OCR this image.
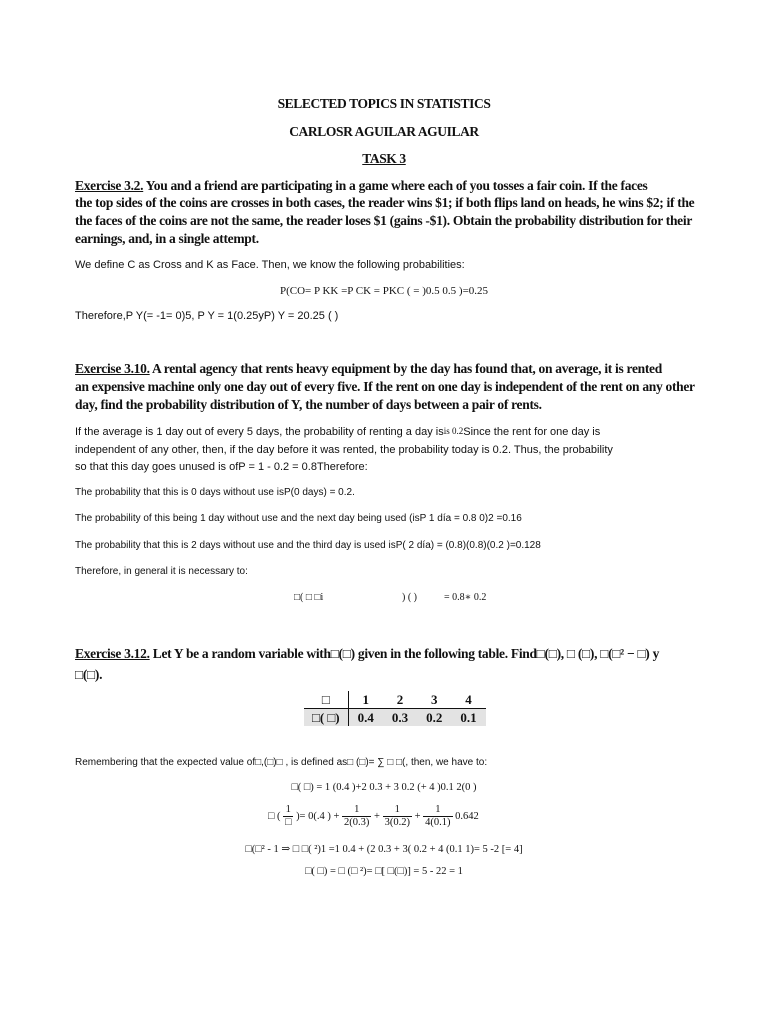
SELECTED TOPICS IN STATISTICS
CARLOSR AGUILAR AGUILAR
TASK 3
Exercise 3.2. You and a friend are participating in a game where each of you tosses a fair coin. If the faces
the top sides of the coins are crosses in both cases, the reader wins $1; if both flips land on heads, he wins $2; if the
the faces of the coins are not the same, the reader loses $1 (gains -$1). Obtain the probability distribution for their
earnings, and, in a single attempt.
We define C as Cross and K as Face. Then, we know the following probabilities:
P(CO= P KK =P CK = PKC ( = )0.5 0.5 )=0.25
Therefore,P Y(= -1= 0)5, P Y = 1(0.25yP) Y = 20.25 ( )
Exercise 3.10. A rental agency that rents heavy equipment by the day has found that, on average, it is rented
an expensive machine only one day out of every five. If the rent on one day is independent of the rent on any other
day, find the probability distribution of Y, the number of days between a pair of rents.
If the average is 1 day out of every 5 days, the probability of renting a day isis 0.2Since the rent for one day is
independent of any other, then, if the day before it was rented, the probability today is 0.2. Thus, the probability
so that this day goes unused is ofP = 1 - 0.2 = 0.8Therefore:
The probability that this is 0 days without use isP(0 days) = 0.2.
The probability of this being 1 day without use and the next day being used (isP 1 día = 0.8 0)2 =0.16
The probability that this is 2 days without use and the third day is used isP( 2 día) = (0.8)(0.8)(0.2 )=0.128
Therefore, in general it is necessary to:
□( □ □i	) ( )	= 0.8∗ 0.2
Exercise 3.12. Let Y be a random variable with□(□) given in the following table. Find□(□), □ (□), □(□² − □) y
□(□).
□	1	2	3	4
□( □)	0.4	0.3	0.2	0.1
Remembering that the expected value of□,(□)□ , is defined as□ (□)= ∑ □ □(, then, we have to:
□( □) = 1 (0.4 )+2 0.3 + 3 0.2 (+ 4 )0.1 2(0 )
□ ( $\frac{1}{□}$ )= 0(.4 ) + $\frac{1}{2(0.3)} + \frac{1}{3(0.2)} + \frac{1}{4(0.1)} 0.642$
□(□² - 1 ⇒ □ □( ²)1 =1 0.4 + (2 0.3 + 3( 0.2 + 4 (0.1 1)= 5 -2 [= 4]
□( □) = □ (□ ²)= □[ □(□)] = 5 - 22 = 1
